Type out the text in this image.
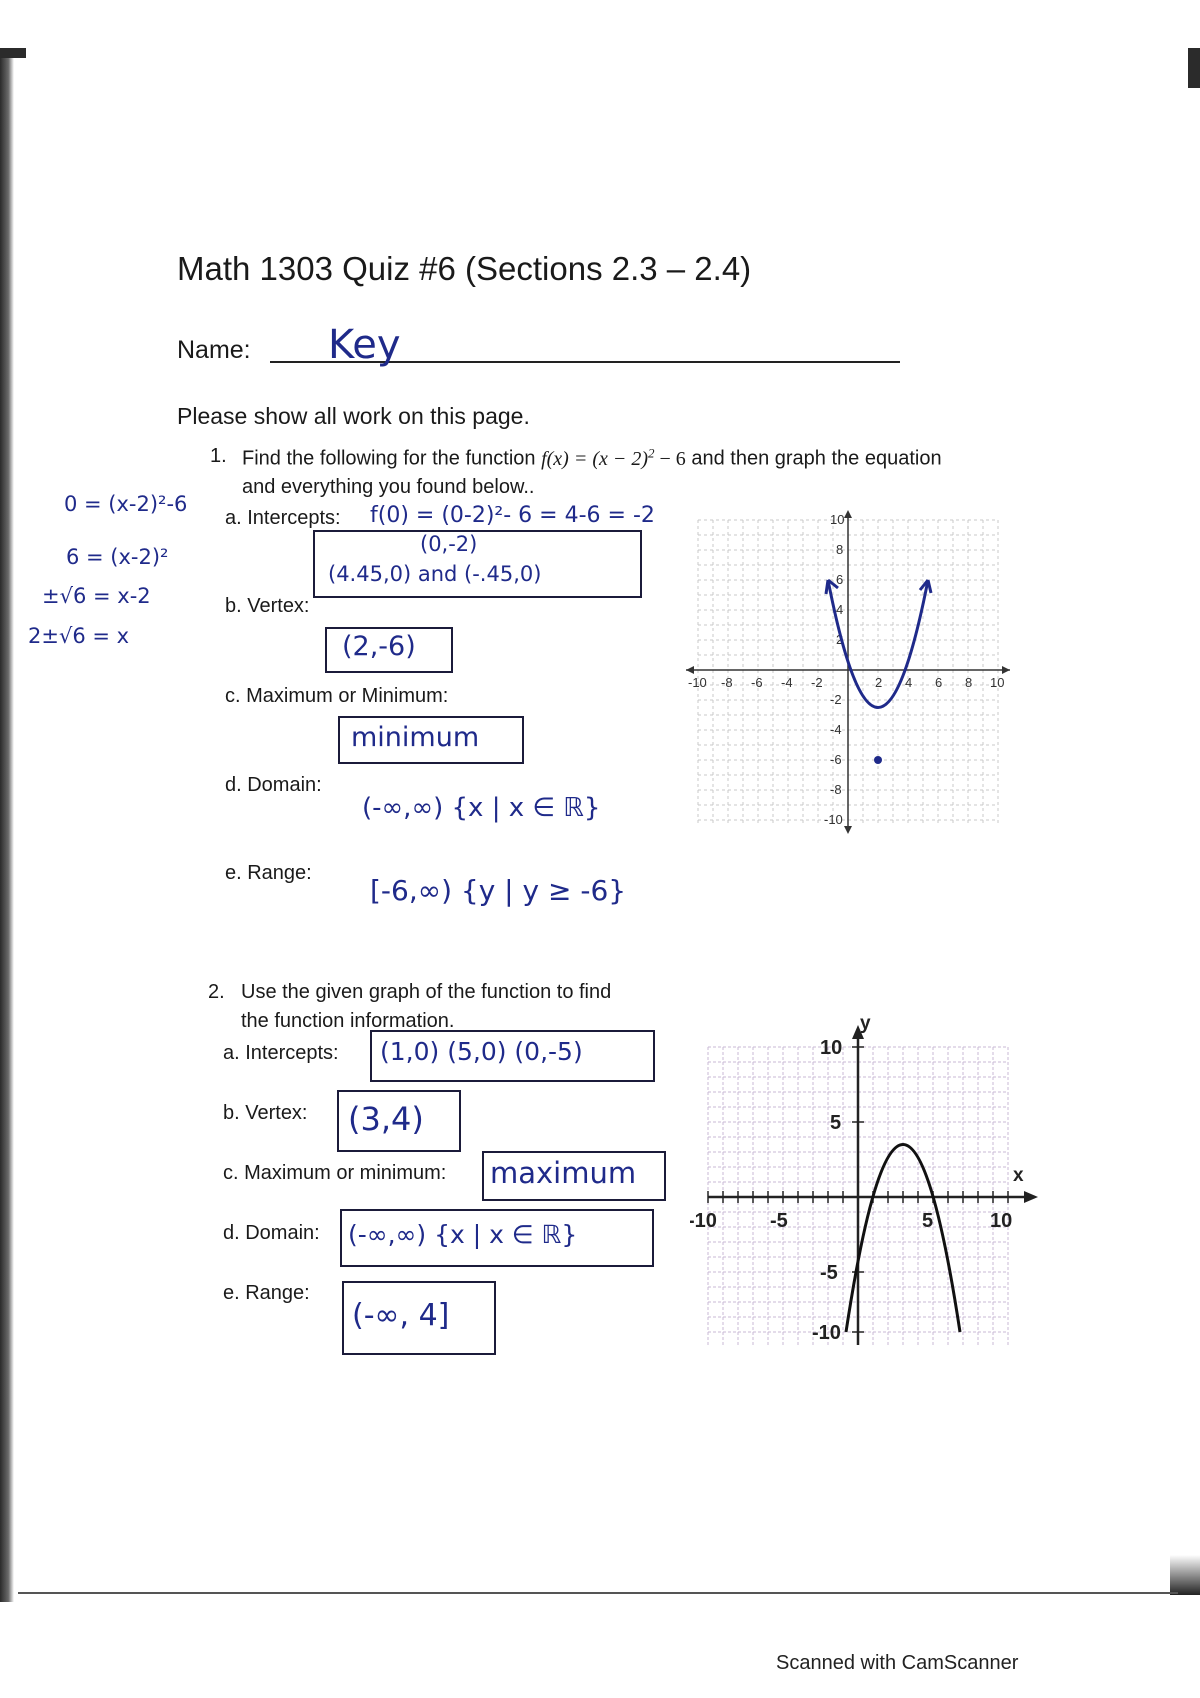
Math 1303 Quiz #6 (Sections 2.3 – 2.4)
Name: Key
Please show all work on this page.
1. Find the following for the function $f(x) = (x - 2)^2 - 6$ and then graph the equation
and everything you found below..
0 = (x-2)²-6
6 = (x-2)²
±√6 = x-2
2±√6 = x
a. Intercepts: f(0) = (0-2)²- 6 = 4-6 = -2
(0,-2)
(4.45,0) and (-.45,0)
b. Vertex:
(2,-6)
c. Maximum or Minimum:
minimum
d. Domain:
(-∞,∞) {x | x ∈ ℝ}
e. Range:
[-6,∞) {y | y ≥ -6}
-10 -8 -6 -4 -2	2 4 6 8 10
10
8
6
4
2
-2
-4
-6
-8
-10
2. Use the given graph of the function to find
the function information.
a. Intercepts: (1,0) (5,0) (0,-5)
b. Vertex: (3,4)
c. Maximum or minimum: maximum
d. Domain: (-∞,∞) {x | x ∈ ℝ}
e. Range:
(-∞, 4]
y
x
-10	-5	5	10
10
5
-5
-10
Scanned with CamScanner
